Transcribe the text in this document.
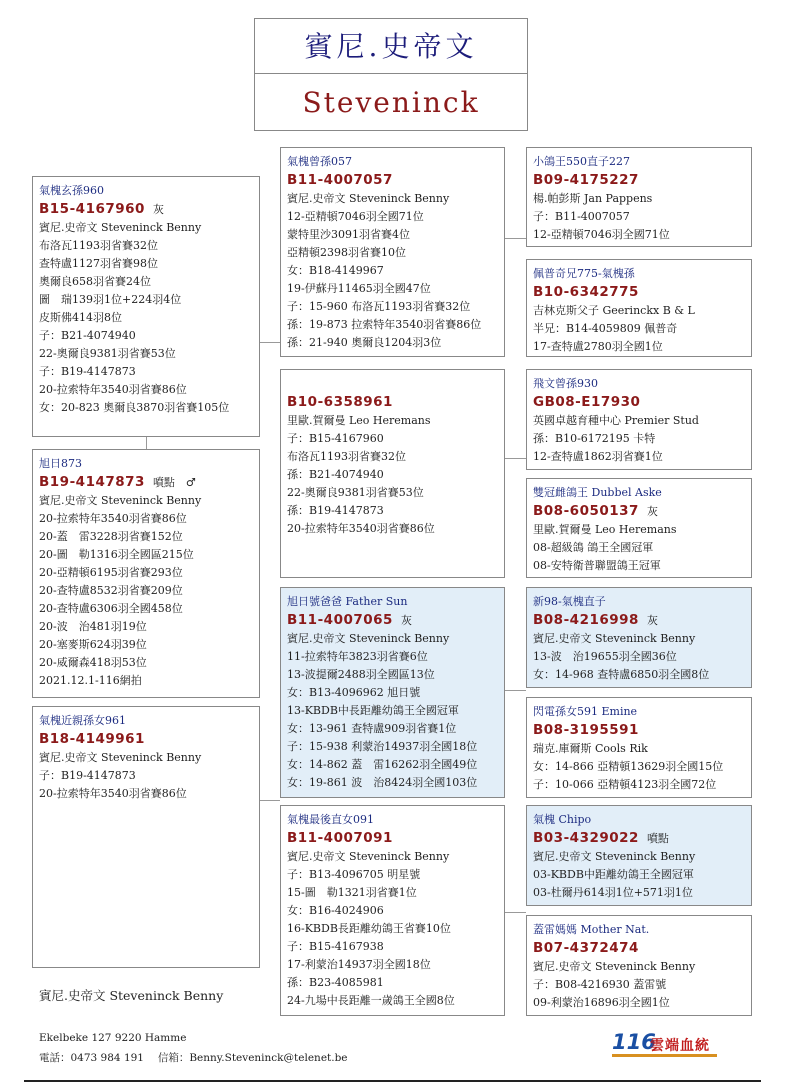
賓尼.史帝文
Steveninck
氣槐玄孫960
B15-4167960 灰
賓尼.史帝文 Steveninck Benny
布洛瓦1193羽省賽32位
查特盧1127羽省賽98位
奧爾良658羽省賽24位
圖　瑞139羽1位+224羽4位
皮斯佛414羽8位
子：B21-4074940
22-奧爾良9381羽省賽53位
子：B19-4147873
20-拉索特年3540羽省賽86位
女：20-823 奧爾良3870羽省賽105位
旭日873
B19-4147873 噴點　♂
賓尼.史帝文 Steveninck Benny
20-拉索特年3540羽省賽86位
20-蓋　雷3228羽省賽152位
20-圖　勒1316羽全國區215位
20-亞精頓6195羽省賽293位
20-查特盧8532羽省賽209位
20-查特盧6306羽全國458位
20-波　治481羽19位
20-塞麥斯624羽39位
20-威爾森418羽53位
2021.12.1-116網拍
氣槐近親孫女961
B18-4149961
賓尼.史帝文 Steveninck Benny
子：B19-4147873
20-拉索特年3540羽省賽86位
氣槐曾孫057
B11-4007057
賓尼.史帝文 Steveninck Benny
12-亞精頓7046羽全國71位
蒙特里沙3091羽省賽4位
亞精頓2398羽省賽10位
女：B18-4149967
19-伊蘇丹11465羽全國47位
子：15-960 布洛瓦1193羽省賽32位
孫：19-873 拉索特年3540羽省賽86位
孫：21-940 奧爾良1204羽3位
B10-6358961
里歐.賀爾曼 Leo Heremans
子：B15-4167960
布洛瓦1193羽省賽32位
孫：B21-4074940
22-奧爾良9381羽省賽53位
孫：B19-4147873
20-拉索特年3540羽省賽86位
旭日號爸爸 Father Sun
B11-4007065 灰
賓尼.史帝文 Steveninck Benny
11-拉索特年3823羽省賽6位
13-波提爾2488羽全國區13位
女：B13-4096962 旭日號
13-KBDB中長距離幼鴿王全國冠軍
女：13-961 查特盧909羽省賽1位
子：15-938 利蒙治14937羽全國18位
女：14-862 蓋　雷16262羽全國49位
女：19-861 波　治8424羽全國103位
氣槐最後直女091
B11-4007091
賓尼.史帝文 Steveninck Benny
子：B13-4096705 明星號
15-圖　勒1321羽省賽1位
女：B16-4024906
16-KBDB長距離幼鴿王省賽10位
子：B15-4167938
17-利蒙治14937羽全國18位
孫：B23-4085981
24-九場中長距離一歲鴿王全國8位
小鴿王550直子227
B09-4175227
楊.帕彭斯 Jan Pappens
子：B11-4007057
12-亞精頓7046羽全國71位
佩普奇兄775-氣槐孫
B10-6342775
吉林克斯父子 Geerinckx B & L
半兄：B14-4059809 佩普奇
17-查特盧2780羽全國1位
飛文曾孫930
GB08-E17930
英國卓越育種中心 Premier Stud
孫：B10-6172195 卡特
12-查特盧1862羽省賽1位
雙冠雌鴿王 Dubbel Aske
B08-6050137 灰
里歐.賀爾曼 Leo Heremans
08-超級鴿 鴿王全國冠軍
08-安特衛普聯盟鴿王冠軍
新98-氣槐直子
B08-4216998 灰
賓尼.史帝文 Steveninck Benny
13-波　治19655羽全國36位
女：14-968 查特盧6850羽全國8位
閃電孫女591 Emine
B08-3195591
瑞克.庫爾斯 Cools Rik
女：14-866 亞精頓13629羽全國15位
子：10-066 亞精頓4123羽全國72位
氣槐 Chipo
B03-4329022 噴點
賓尼.史帝文 Steveninck Benny
03-KBDB中距離幼鴿王全國冠軍
03-杜爾丹614羽1位+571羽1位
蓋雷媽媽 Mother Nat.
B07-4372474
賓尼.史帝文 Steveninck Benny
子：B08-4216930 蓋雷號
09-利蒙治16896羽全國1位
賓尼.史帝文 Steveninck Benny
Ekelbeke 127 9220 Hamme
電話：0473 984 191　 信箱：Benny.Steveninck@telenet.be
116
雲端血統
